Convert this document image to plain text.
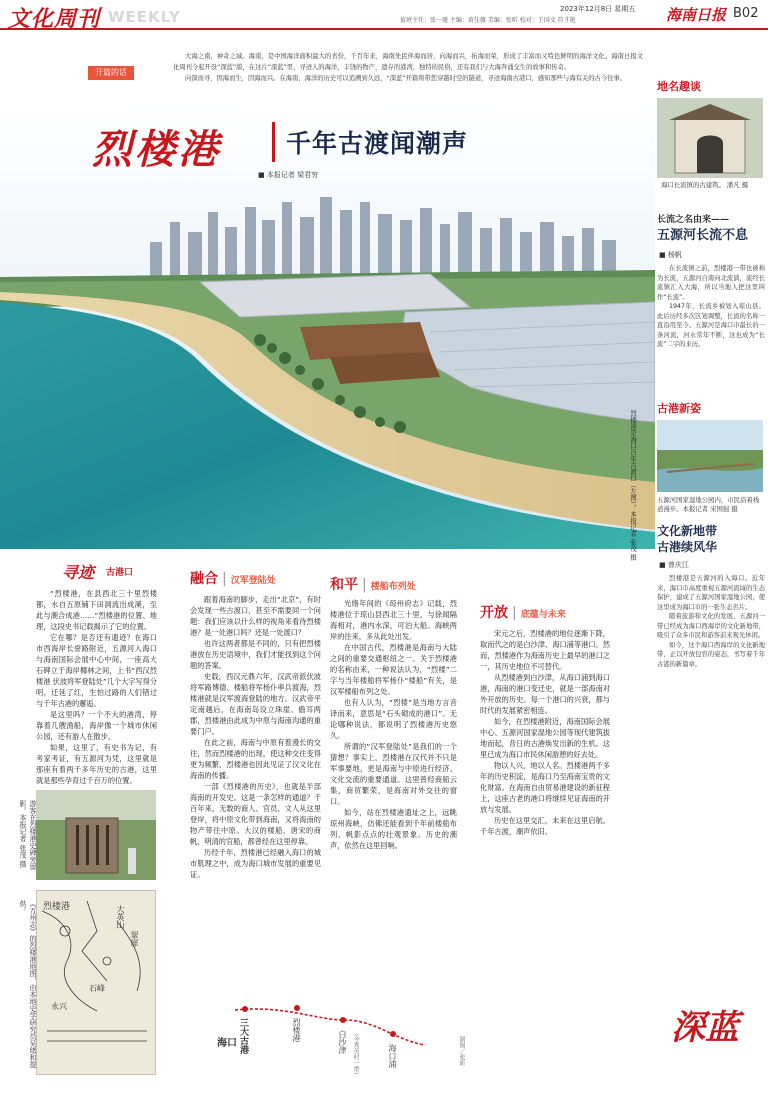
文化周刊 WEEKLY	值班主任：张一驰 主编：黄佳薇 美编：张昕 校对：王国文 符才艳
2023年12月8日 星期五 海南日报 B02
开篇的话

大海之南，神奇之域。海南，是中国海洋面积最大的省份，千百年来，海南先民伴海而居，向海而兴，拓海而荣，形成了丰富而又特色鲜明的海洋文化。海南日报文化周刊今起开设“深蓝”版，在这片“深蓝”里，寻迹人的海洋，丰饶的物产，遗存的港湾，独特的民俗，还有我们与大海奔涌交生的故事和传奇。

向深而寻，因海而生，因海而兴。在海南，海洋的历史可以追溯到久远，“深蓝”开篇将带您穿越时空的隧道，寻迹海南古港口，感知那些与海有关的古今往事。

烈楼港是海口百年古渡口（左图）。本报记者 张茂 摄
烈楼港	千年古渡闻潮声
■ 本报记者 梁君穷
寻迹 古港口

“烈楼港，在县西北三十里烈楼都，水自五原铺下田洞流出成溪，至此与潮合成港……”烈楼港的位置、地理，这段史书记载揭示了它的位置。

它在哪？是否还有遗迹？在海口市西海岸长誉路附近，五源河入海口与海南国际会展中心中间，一座高大石碑立于海岸椰林之间，上书“西汉烈楼港 伏波将军登陆处”几个大字写得分明，迁延了红，生怕过路的人们错过与千年古港的邂逅。

是这里吗？一个不大的港湾，停靠着几艘渔船，海岸像一个城市休闲公园，还有游人在散步。

如果，这里了，有史书为记，有考家考证，有五源河为凭，这里就是那座有着两千多年历史的古港，这里就是那些孕育过千百万的位置。

游客在烈楼港史碑旁留影。本报记者 张茂 摄
烈楼港	大英山
翠犀
石峰
永兴
《万州志》的烈楼港地图，由本地史学研究员吴绪和提供。
融合 | 汉军登陆处

跟着海南的脚步，走出“北京”，有时会发现一些古渡口，甚至不需要同一个问题：我们应该以什么样的视角来看待烈楼港？是一处港口吗？还是一处渡口？

也许这两者都是不同的，只有把烈楼港放在历史语境中，我们才能找到这个问题的答案。

史载，西汉元鼎六年，汉武帝派伏波将军路博德、楼船将军杨仆率兵渡海，烈楼港就是汉军渡海登陆的地方。汉武帝平定南越后，在海南岛设立珠崖、儋耳两郡，烈楼港由此成为中原与海南沟通的重要门户。

在此之前，海南与中原有着漫长的交往，然而烈楼港的出现，使这种交往变得更为频繁，烈楼港也因此见证了汉文化在海南的传播。

一部《烈楼港的历史》，也就是半部海南的开发史。这是一条怎样的通道？千百年来，无数的商人、官员、文人从这里登岸，将中原文化带到海南，又将海南的物产带往中原。大汉的楼船、唐宋的商帆、明清的官船，都曾经在这里停靠。

历经千年，烈楼港已经融入海口的城市肌理之中，成为海口城市发展的重要见证。

和平 | 楼船布列处

光绪年间的《琼州府志》记载，烈楼港位于琼山县西北三十里，与徐闻隔海相对，港内水深，可泊大船。海峡两岸的往来，多从此处出发。

在中国古代，烈楼港是海南与大陆之间的重要交通枢纽之一。关于烈楼港的名称由来，一种说法认为，“烈楼”二字与当年楼船将军杨仆“楼船”有关，是汉军楼船布列之处。

也有人认为，“烈楼”是当地方言音译而来，意思是“石头砌成的港口”。无论哪种说法，都说明了烈楼港历史悠久。

所谓的“汉军登陆处”是我们的一个猜想？事实上，烈楼港在汉代并不只是军事要地，更是海南与中原进行经济、文化交流的重要通道。这里曾经商船云集，商贸繁荣，是海南对外交往的窗口。

如今，站在烈楼港遗址之上，远眺琼州海峡，仿佛还能看到千年前楼船布列、帆影点点的壮观景象。历史的潮声，依然在这里回响。

开放 | 底蕴与未来

宋元之后，烈楼港的地位逐渐下降，取而代之的是白沙津、海口浦等港口。然而，烈楼港作为海南历史上最早的港口之一，其历史地位不可替代。

从烈楼港到白沙津，从海口浦到海口港，海南的港口变迁史，就是一部海南对外开放的历史。每一个港口的兴衰，都与时代的发展紧密相连。

如今，在烈楼港附近，海南国际会展中心、五源河国家湿地公园等现代建筑拔地而起，昔日的古港焕发出新的生机。这里已成为海口市民休闲游憩的好去处。

物以人兴，地以人名。烈楼港两千多年的历史积淀，是海口乃至海南宝贵的文化财富。在海南自由贸易港建设的新征程上，这座古老的港口将继续见证海南的开放与发展。

历史在这里交汇，未来在这里启航。千年古渡，潮声依旧。

三大古港
海口
烈楼港	白沙津 （今秀英村一带）	海口浦	制图／张昕
地名趣谈
海口长流镇的古建筑。 潘凡 摄
长流之名由来——
五源河长流不息
■ 杨帆

在长流镇之前，烈楼港一带也被称为长流，五源河自南向北流淌，流经长流镇汇入大海，所以当地人把这里叫作“长流”。

1947年，长流乡被划入琼山县。此后历经多次区划调整，长流的名称一直沿用至今。五源河是海口市最长的一条河流，河水常年不断，这也成为“长流”二字的来历。

古港新姿
五源河国家湿地公园内，市民沿着栈道漫步。本报记者 宋国强 摄
文化新地带
古港续风华
■ 曾庆江

烈楼港是五源河的入海口。近年来，海口市高度重视五源河流域的生态保护，建成了五源河国家湿地公园，使这里成为海口市的一张生态名片。

随着旅游和文化的发展，五源河一带已经成为海口西海岸的文化新地带，吸引了众多市民和游客前来观光休闲。

如今，这个海口西海岸的文化新地带，正以开放包容的姿态，书写着千年古港的新篇章。

深蓝
